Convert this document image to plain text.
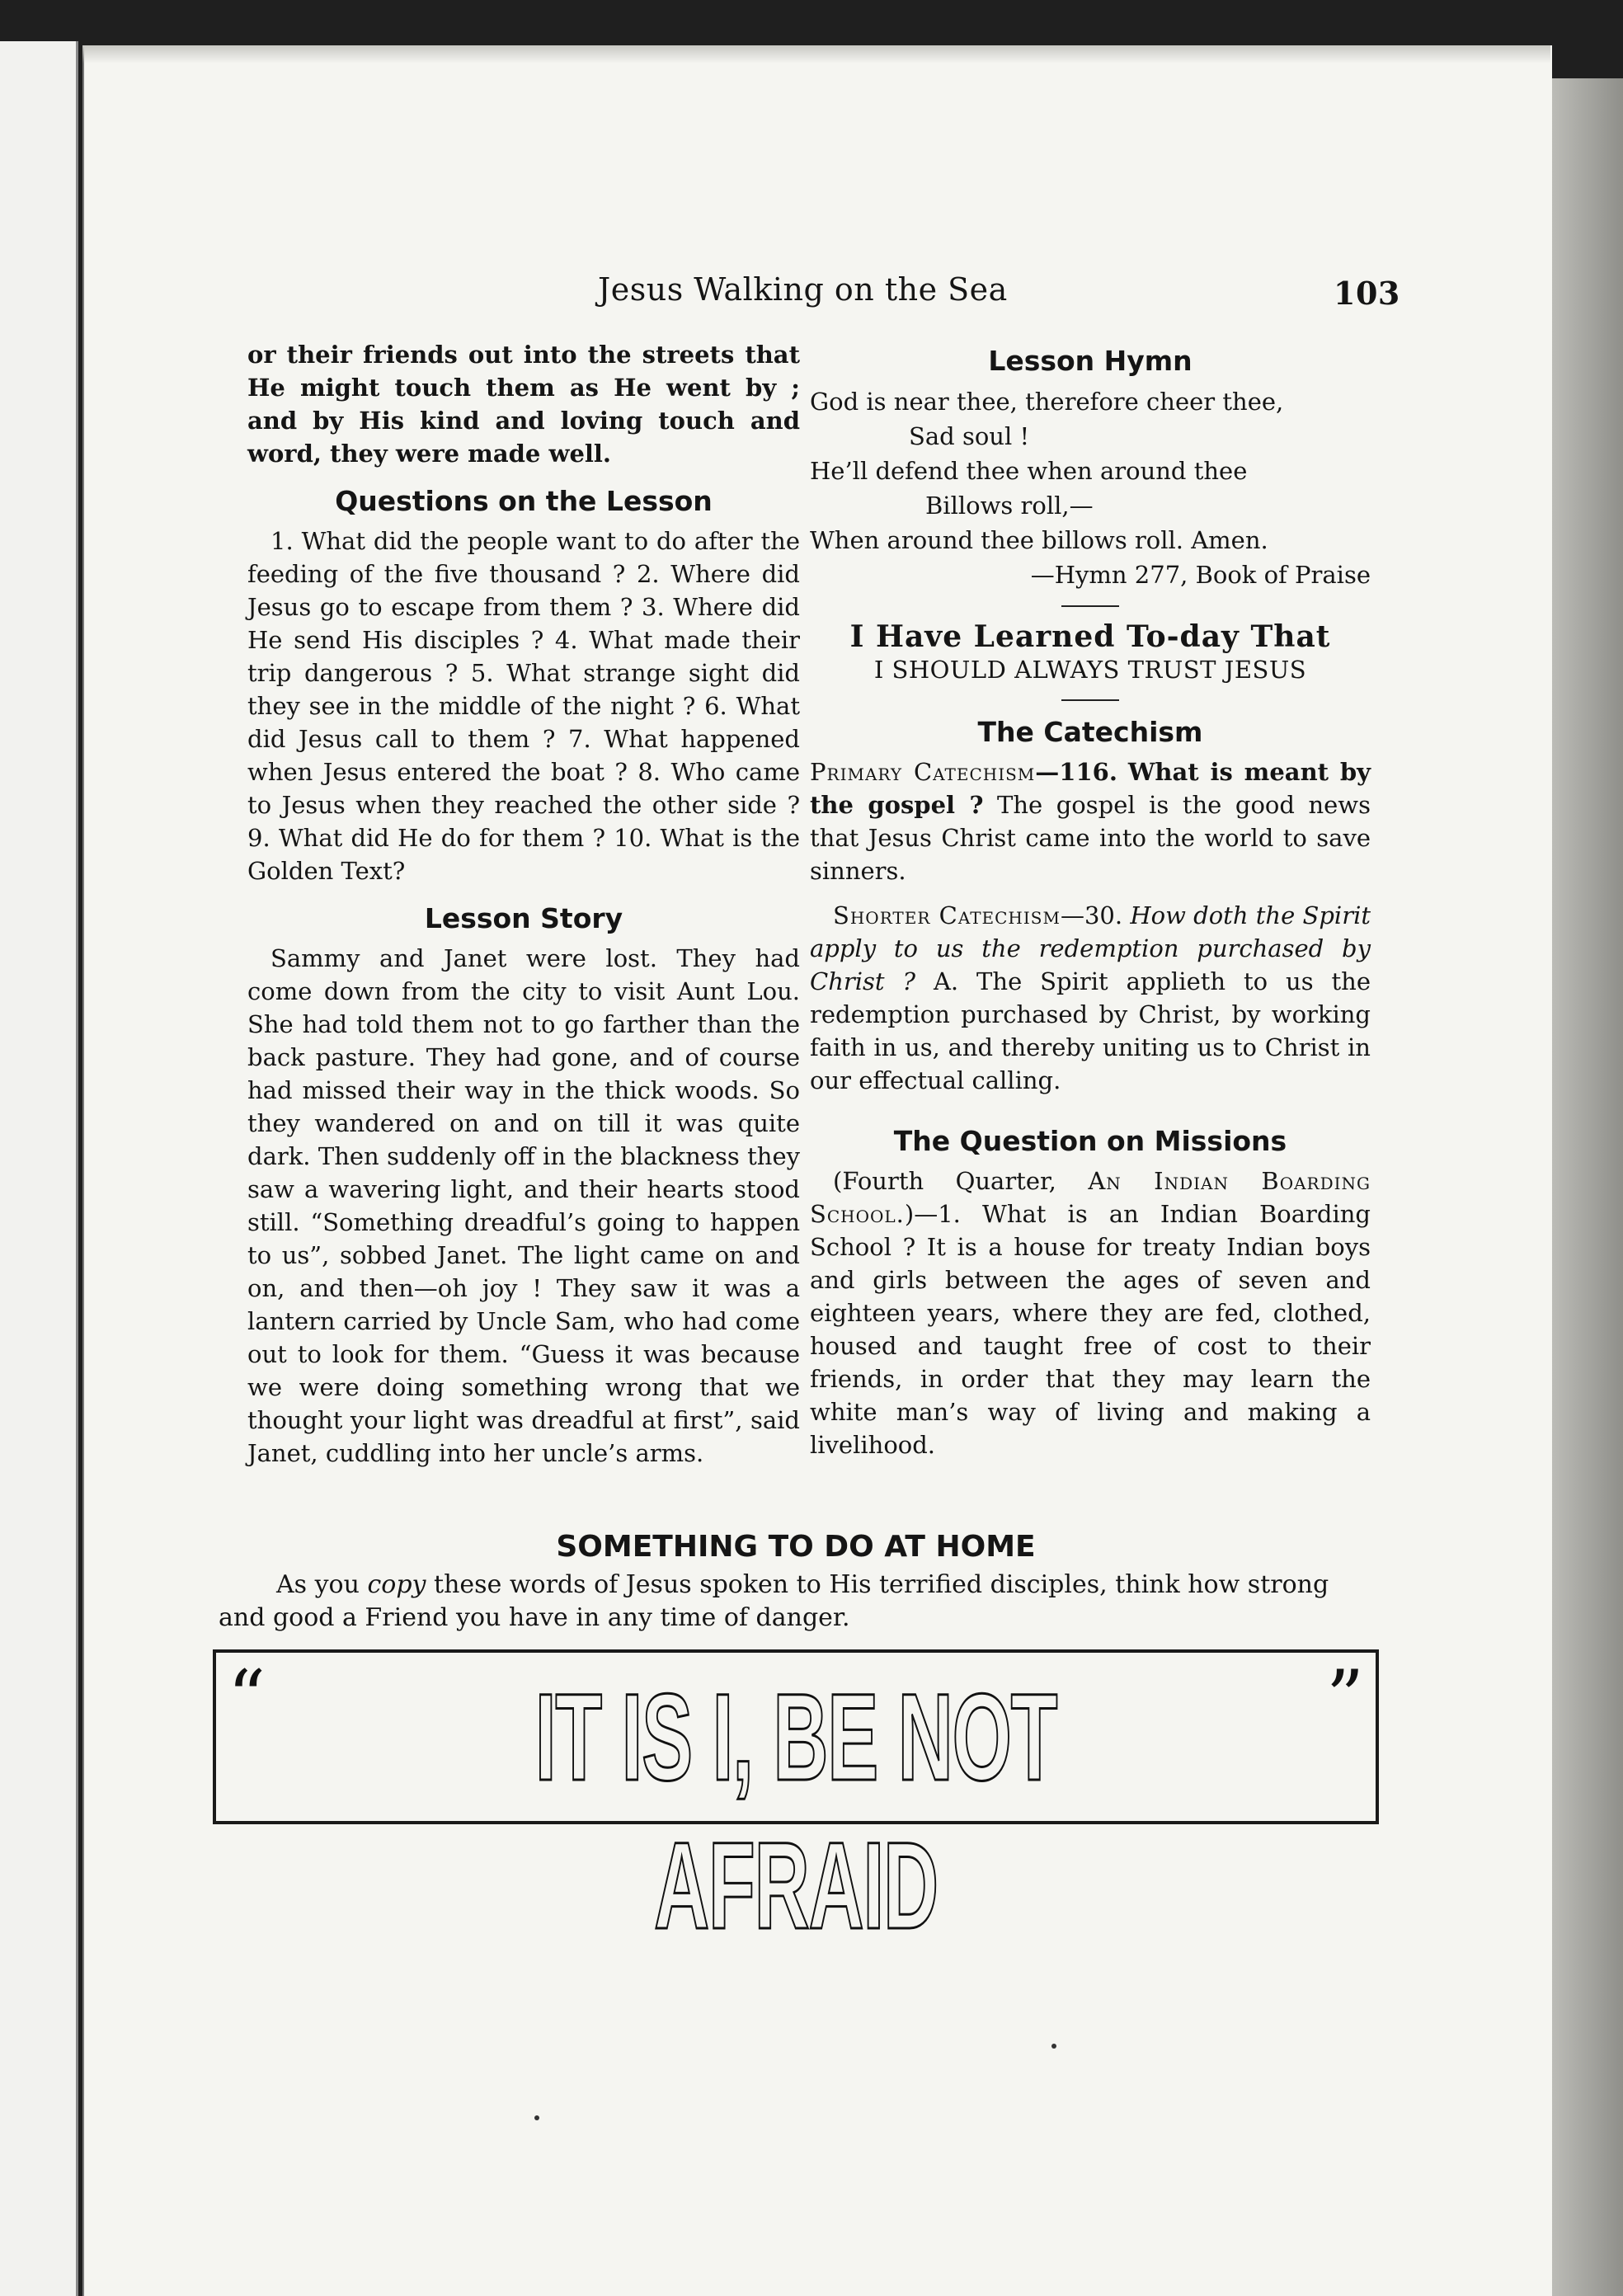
Jesus Walking on the Sea	103

or their friends out into the streets that He might touch them as He went by ; and by His kind and loving touch and word, they were made well.

Questions on the Lesson

1. What did the people want to do after the feeding of the five thousand ? 2. Where did Jesus go to escape from them ? 3. Where did He send His disciples ? 4. What made their trip dangerous ? 5. What strange sight did they see in the middle of the night ? 6. What did Jesus call to them ? 7. What happened when Jesus entered the boat ? 8. Who came to Jesus when they reached the other side ? 9. What did He do for them ? 10. What is the Golden Text?

Lesson Story

Sammy and Janet were lost. They had come down from the city to visit Aunt Lou. She had told them not to go farther than the back pasture. They had gone, and of course had missed their way in the thick woods. So they wandered on and on till it was quite dark. Then suddenly off in the blackness they saw a wavering light, and their hearts stood still. “Something dreadful’s going to happen to us”, sobbed Janet. The light came on and on, and then—oh joy ! They saw it was a lantern carried by Uncle Sam, who had come out to look for them. “Guess it was because we were doing something wrong that we thought your light was dreadful at first”, said Janet, cuddling into her uncle’s arms.

Lesson Hymn
God is near thee, therefore cheer thee,
Sad soul !
He’ll defend thee when around thee
Billows roll,—
When around thee billows roll. Amen.
—Hymn 277, Book of Praise
I Have Learned To-day That
I SHOULD ALWAYS TRUST JESUS
The Catechism

Primary Catechism—116. What is meant by the gospel ? The gospel is the good news that Jesus Christ came into the world to save sinners.

Shorter Catechism—30. How doth the Spirit apply to us the redemption purchased by Christ ? A. The Spirit applieth to us the redemption purchased by Christ, by working faith in us, and thereby uniting us to Christ in our effectual calling.

The Question on Missions

(Fourth Quarter, An Indian Boarding School.)—1. What is an Indian Boarding School ? It is a house for treaty Indian boys and girls between the ages of seven and eighteen years, where they are fed, clothed, housed and taught free of cost to their friends, in order that they may learn the white man’s way of living and making a livelihood.

SOMETHING TO DO AT HOME

As you copy these words of Jesus spoken to His terrified disciples, think how strong and good a Friend you have in any time of danger.

“	IT IS I, BE NOT AFRAID
”
